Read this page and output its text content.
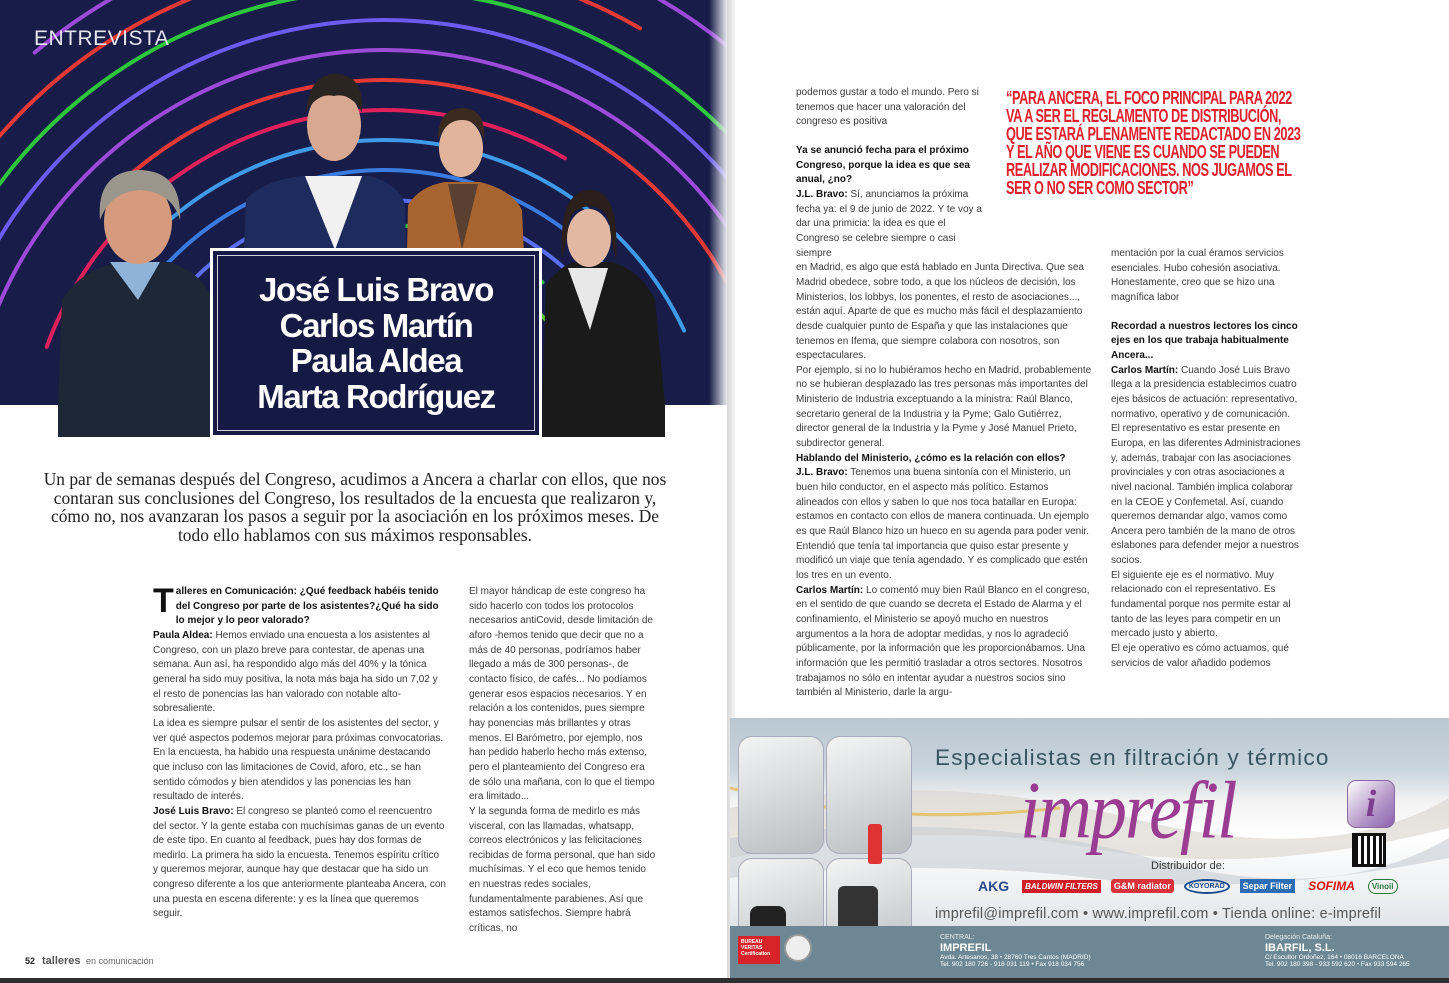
ENTREVISTA
José Luis Bravo
Carlos Martín
Paula Aldea
Marta Rodríguez

Un par de semanas después del Congreso, acudimos a Ancera a charlar con ellos, que nos contaran sus conclusiones del Congreso, los resultados de la encuesta que realizaron y, cómo no, nos avanzaran los pasos a seguir por la asociación en los próximos meses. De todo ello hablamos con sus máximos responsables.

Talleres en Comunicación: ¿Qué feedback habéis tenido del Congreso por parte de los asistentes?¿Qué ha sido lo mejor y lo peor valorado?

Paula Aldea: Hemos enviado una encuesta a los asistentes al Congreso, con un plazo breve para contestar, de apenas una semana. Aun así, ha respondido algo más del 40% y la tónica general ha sido muy positiva, la nota más baja ha sido un 7,02 y el resto de ponencias las han valorado con notable alto-sobresaliente.

La idea es siempre pulsar el sentir de los asistentes del sector, y ver qué aspectos podemos mejorar para próximas convocatorias. En la encuesta, ha habido una respuesta unánime destacando que incluso con las limitaciones de Covid, aforo, etc., se han sentido cómodos y bien atendidos y las ponencias les han resultado de interés.

José Luis Bravo: El congreso se planteó como el reencuentro del sector. Y la gente estaba con muchísimas ganas de un evento de este tipo. En cuanto al feedback, pues hay dos formas de medirlo. La primera ha sido la encuesta. Tenemos espíritu crítico y queremos mejorar, aunque hay que destacar que ha sido un congreso diferente a los que anteriormente planteaba Ancera, con una puesta en escena diferente: y es la línea que queremos seguir.

El mayor hándicap de este congreso ha sido hacerlo con todos los protocolos necesarios antiCovid, desde limitación de aforo -hemos tenido que decir que no a más de 40 personas, podríamos haber llegado a más de 300 personas-, de contacto físico, de cafés... No podíamos generar esos espacios necesarios. Y en relación a los contenidos, pues siempre hay ponencias más brillantes y otras menos. El Barómetro, por ejemplo, nos han pedido haberlo hecho más extenso, pero el planteamiento del Congreso era de sólo una mañana, con lo que el tiempo era limitado...

Y la segunda forma de medirlo es más visceral, con las llamadas, whatsapp, correos electrónicos y las felicitaciones recibidas de forma personal, que han sido muchísimas. Y el eco que hemos tenido en nuestras redes sociales, fundamentalmente parabienes. Así que estamos satisfechos. Siempre habrá críticas, no

52 talleres en comunicación

podemos gustar a todo el mundo. Pero si tenemos que hacer una valoración del congreso es positiva

Ya se anunció fecha para el próximo Congreso, porque la idea es que sea anual, ¿no?

J.L. Bravo: Sí, anunciamos la próxima fecha ya: el 9 de junio de 2022. Y te voy a dar una primicia: la idea es que el Congreso se celebre siempre o casi siempre

en Madrid, es algo que está hablado en Junta Directiva. Que sea Madrid obedece, sobre todo, a que los núcleos de decisión, los Ministerios, los lobbys, los ponentes, el resto de asociaciones..., están aquí. Aparte de que es mucho más fácil el desplazamiento desde cualquier punto de España y que las instalaciones que tenemos en Ifema, que siempre colabora con nosotros, son espectaculares.

Por ejemplo, si no lo hubiéramos hecho en Madrid, probablemente no se hubieran desplazado las tres personas más importantes del Ministerio de Industria exceptuando a la ministra: Raúl Blanco, secretario general de la Industria y la Pyme; Galo Gutiérrez, director general de la Industria y la Pyme y José Manuel Prieto, subdirector general.

Hablando del Ministerio, ¿cómo es la relación con ellos?

J.L. Bravo: Tenemos una buena sintonía con el Ministerio, un buen hilo conductor, en el aspecto más político. Estamos alineados con ellos y saben lo que nos toca batallar en Europa: estamos en contacto con ellos de manera continuada. Un ejemplo es que Raúl Blanco hizo un hueco en su agenda para poder venir. Entendió que tenía tal importancia que quiso estar presente y modificó un viaje que tenía agendado. Y es complicado que estén los tres en un evento.

Carlos Martín: Lo comentó muy bien Raúl Blanco en el congreso, en el sentido de que cuando se decreta el Estado de Alarma y el confinamiento, el Ministerio se apoyó mucho en nuestros argumentos a la hora de adoptar medidas, y nos lo agradeció públicamente, por la información que les proporcionábamos. Una información que les permitió trasladar a otros sectores. Nosotros trabajamos no sólo en intentar ayudar a nuestros socios sino también al Ministerio, darle la argu-

mentación por la cual éramos servicios esenciales. Hubo cohesión asociativa. Honestamente, creo que se hizo una magnífica labor

Recordad a nuestros lectores los cinco ejes en los que trabaja habitualmente Ancera...

Carlos Martín: Cuando José Luis Bravo llega a la presidencia establecimos cuatro ejes básicos de actuación: representativo, normativo, operativo y de comunicación. El representativo es estar presente en Europa, en las diferentes Administraciones y, además, trabajar con las asociaciones provinciales y con otras asociaciones a nivel nacional. También implica colaborar en la CEOE y Confemetal. Así, cuando queremos demandar algo, vamos como Ancera pero también de la mano de otros eslabones para defender mejor a nuestros socios.

El siguiente eje es el normativo. Muy relacionado con el representativo. Es fundamental porque nos permite estar al tanto de las leyes para competir en un mercado justo y abierto.

El eje operativo es cómo actuamos, qué servicios de valor añadido podemos

“PARA ANCERA, EL FOCO PRINCIPAL PARA 2022 VA A SER EL REGLAMENTO DE DISTRIBUCIÓN, QUE ESTARÁ PLENAMENTE REDACTADO EN 2023 Y EL AÑO QUE VIENE ES CUANDO SE PUEDEN REALIZAR MODIFICACIONES. NOS JUGAMOS EL SER O NO SER COMO SECTOR”
Especialistas en filtración y térmico
imprefil	i
Distribuidor de:
AKG	BALDWIN FILTERS	G&M radiator	KOYORAD	Separ Filter SOFIMA	Vinoil
imprefil@imprefil.com • www.imprefil.com • Tienda online: e-imprefil
BUREAU VERITAS Certification
CENTRAL:
IMPREFIL
Avda. Artesanos, 38 • 28760 Tres Cantos (MADRID)
Tel. 902 180 726 - 918 031 119 • Fax 918 034 756
Delegación Cataluña:
IBARFIL, S.L.
C/ Escultor Ordoñez, 164 • 08016 BARCELONA
Tel. 902 180 398 - 933 592 620 • Fax 933 594 265
